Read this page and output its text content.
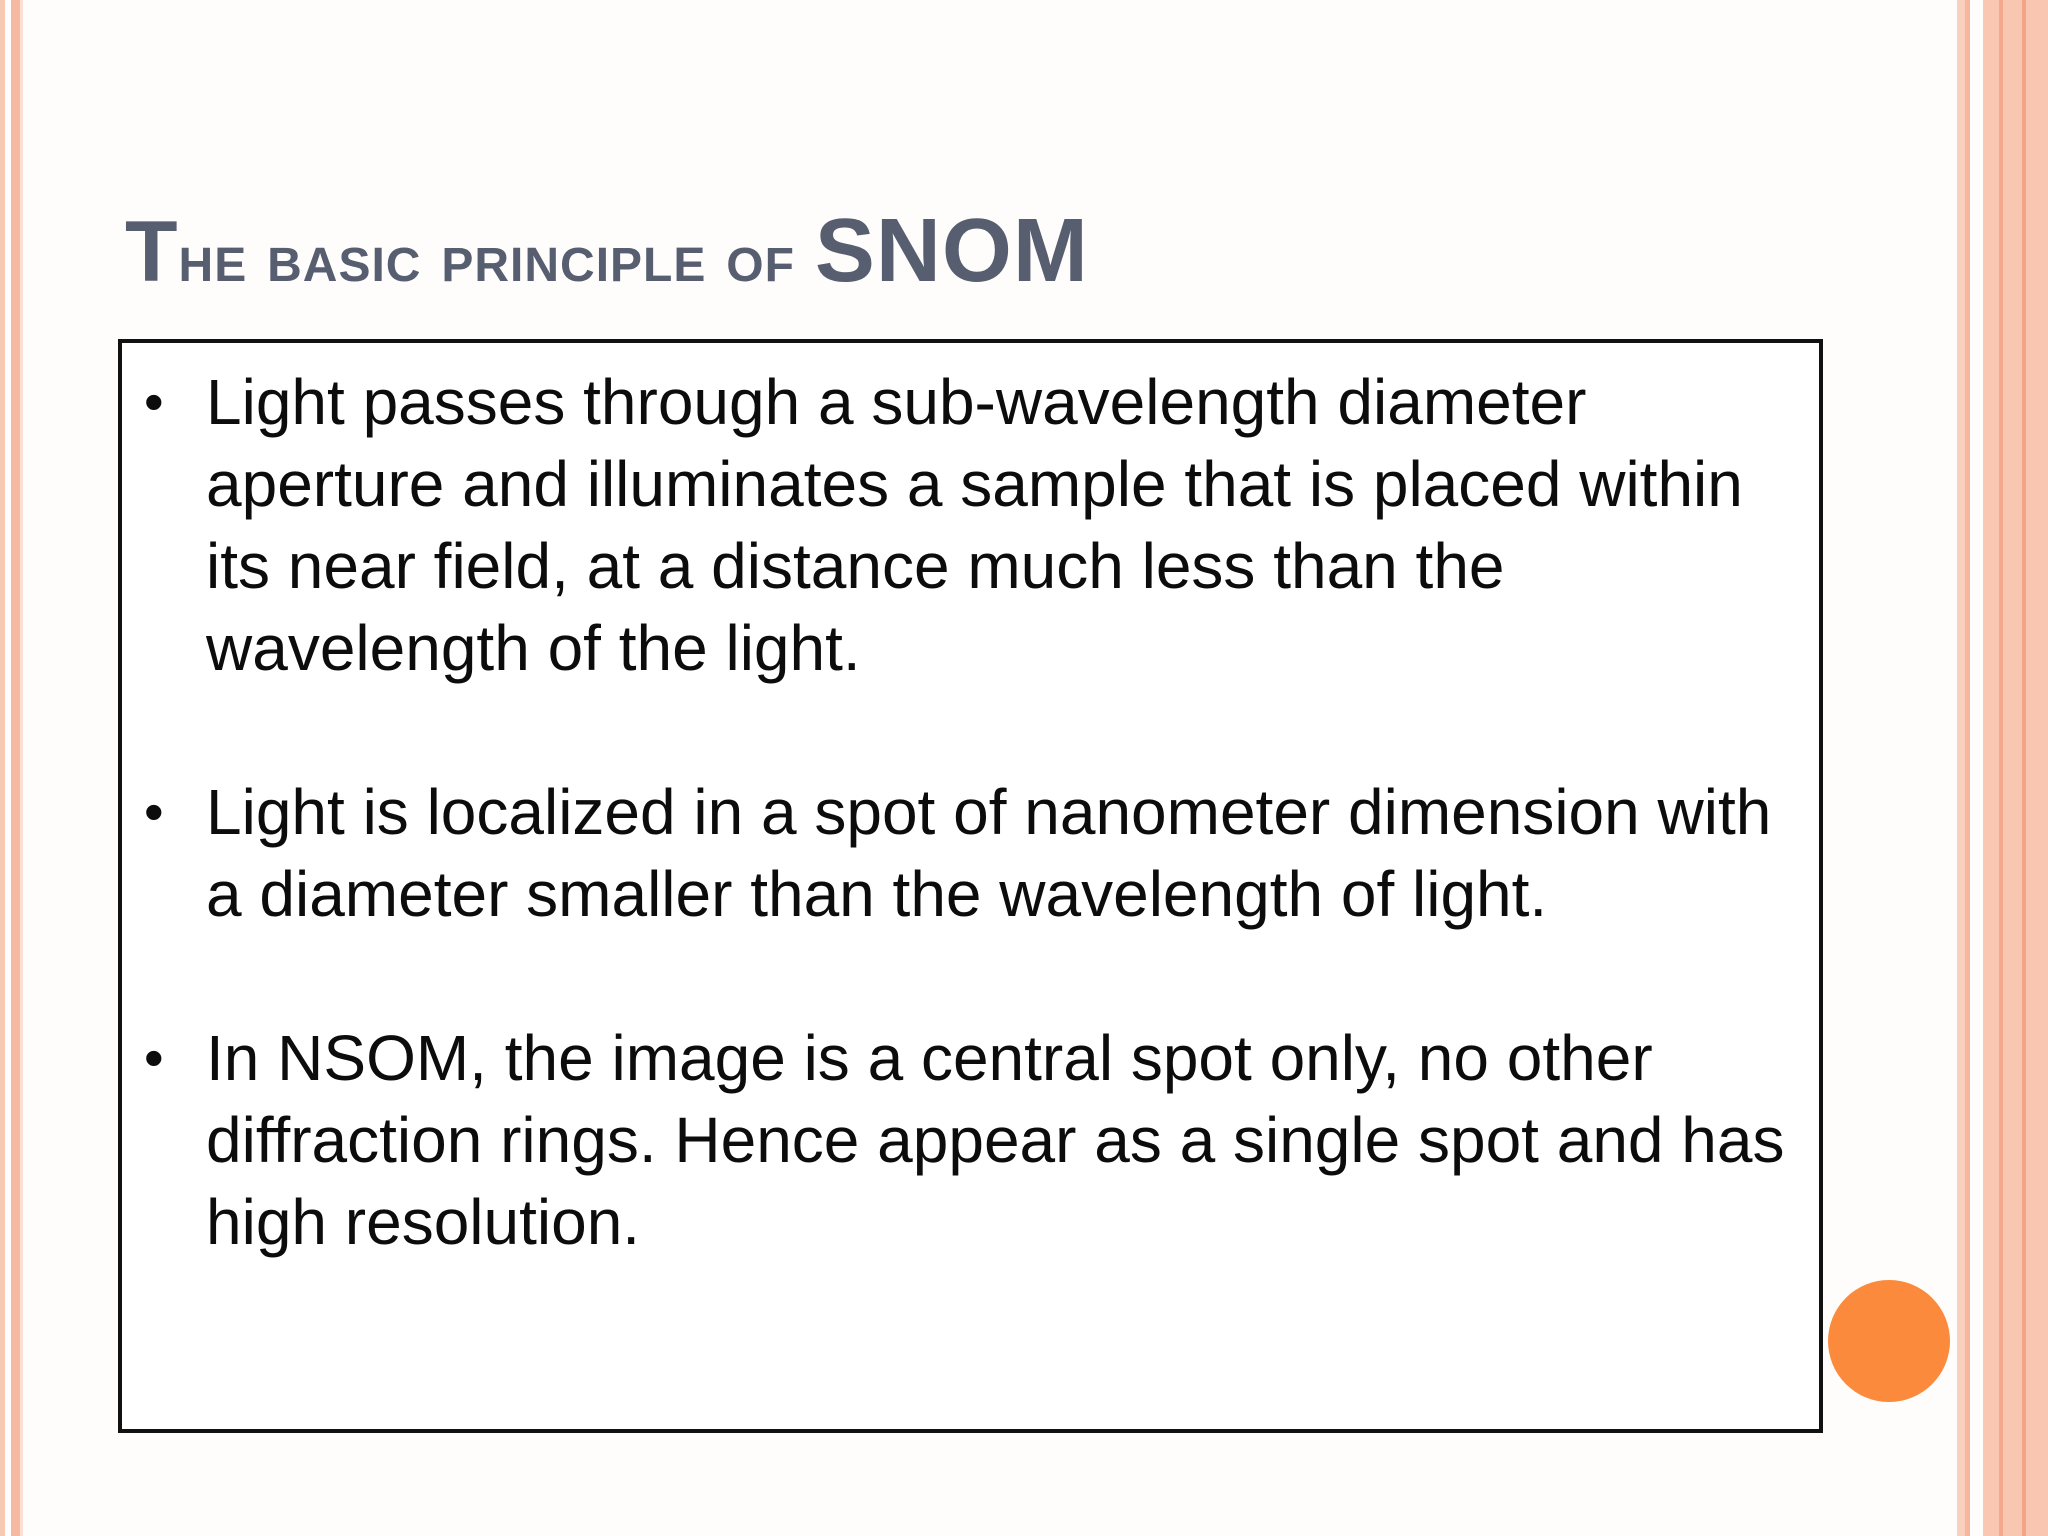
The basic principle of SNOM
• Light passes through a sub-wavelength diameter aperture and illuminates a sample that is placed within its near field, at a distance much less than the wavelength of the light.
• Light is localized in a spot of nanometer dimension with a diameter smaller than the wavelength of light.
• In NSOM, the image is a central spot only, no other diffraction rings. Hence appear as a single spot and has high resolution.
